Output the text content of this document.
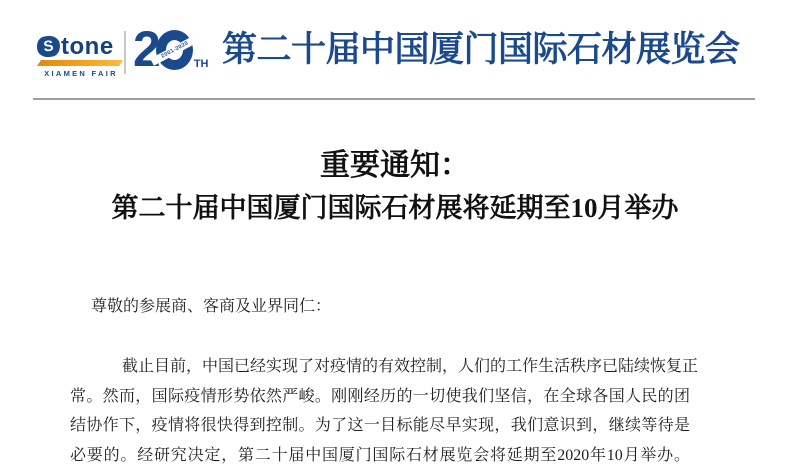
S tone
XIAMEN FAIR 2 2001-2020
TH 第二十届中国厦门国际石材展览会
重要通知：
第二十届中国厦门国际石材展将延期至10月举办
尊敬的参展商、客商及业界同仁：
截止目前，中国已经实现了对疫情的有效控制，人们的工作生活秩序已陆续恢复正
常。然而，国际疫情形势依然严峻。刚刚经历的一切使我们坚信，在全球各国人民的团
结协作下，疫情将很快得到控制。为了这一目标能尽早实现，我们意识到，继续等待是
必要的。经研究决定，第二十届中国厦门国际石材展览会将延期至2020年10月举办。
